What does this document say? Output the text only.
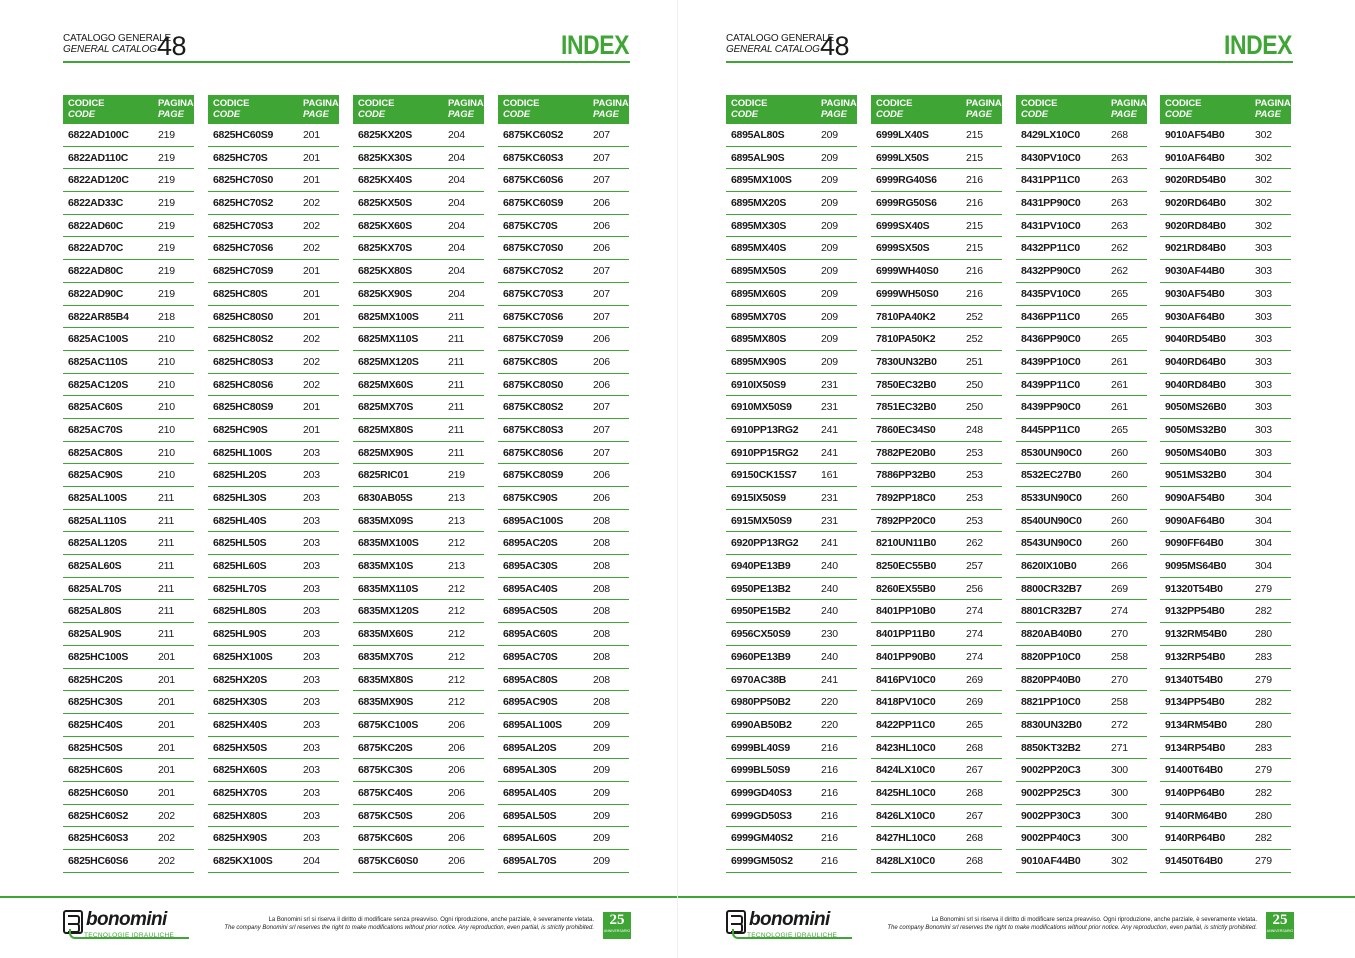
CATALOGO GENERALE
GENERAL CATALOG 48	INDEX
CODICE
CODE
PAGINA
PAGE
6822AD100C	219
6822AD110C	219
6822AD120C	219
6822AD33C	219
6822AD60C	219
6822AD70C	219
6822AD80C	219
6822AD90C	219
6822AR85B4	218
6825AC100S	210
6825AC110S	210
6825AC120S	210
6825AC60S	210
6825AC70S	210
6825AC80S	210
6825AC90S	210
6825AL100S	211
6825AL110S	211
6825AL120S	211
6825AL60S	211
6825AL70S	211
6825AL80S	211
6825AL90S	211
6825HC100S	201
6825HC20S	201
6825HC30S	201
6825HC40S	201
6825HC50S	201
6825HC60S	201
6825HC60S0	201
6825HC60S2	202
6825HC60S3	202
6825HC60S6	202
CODICE
CODE
PAGINA
PAGE
6825HC60S9	201
6825HC70S	201
6825HC70S0	201
6825HC70S2	202
6825HC70S3	202
6825HC70S6	202
6825HC70S9	201
6825HC80S	201
6825HC80S0	201
6825HC80S2	202
6825HC80S3	202
6825HC80S6	202
6825HC80S9	201
6825HC90S	201
6825HL100S	203
6825HL20S	203
6825HL30S	203
6825HL40S	203
6825HL50S	203
6825HL60S	203
6825HL70S	203
6825HL80S	203
6825HL90S	203
6825HX100S	203
6825HX20S	203
6825HX30S	203
6825HX40S	203
6825HX50S	203
6825HX60S	203
6825HX70S	203
6825HX80S	203
6825HX90S	203
6825KX100S	204
CODICE
CODE
PAGINA
PAGE
6825KX20S	204
6825KX30S	204
6825KX40S	204
6825KX50S	204
6825KX60S	204
6825KX70S	204
6825KX80S	204
6825KX90S	204
6825MX100S	211
6825MX110S	211
6825MX120S	211
6825MX60S	211
6825MX70S	211
6825MX80S	211
6825MX90S	211
6825RIC01	219
6830AB05S	213
6835MX09S	213
6835MX100S	212
6835MX10S	213
6835MX110S	212
6835MX120S	212
6835MX60S	212
6835MX70S	212
6835MX80S	212
6835MX90S	212
6875KC100S	206
6875KC20S	206
6875KC30S	206
6875KC40S	206
6875KC50S	206
6875KC60S	206
6875KC60S0	206
CODICE
CODE
PAGINA
PAGE
6875KC60S2	207
6875KC60S3	207
6875KC60S6	207
6875KC60S9	206
6875KC70S	206
6875KC70S0	206
6875KC70S2	207
6875KC70S3	207
6875KC70S6	207
6875KC70S9	206
6875KC80S	206
6875KC80S0	206
6875KC80S2	207
6875KC80S3	207
6875KC80S6	207
6875KC80S9	206
6875KC90S	206
6895AC100S	208
6895AC20S	208
6895AC30S	208
6895AC40S	208
6895AC50S	208
6895AC60S	208
6895AC70S	208
6895AC80S	208
6895AC90S	208
6895AL100S	209
6895AL20S	209
6895AL30S	209
6895AL40S	209
6895AL50S	209
6895AL60S	209
6895AL70S	209
bonomini
TECNOLOGIE IDRAULICHE
La Bonomini srl si riserva il diritto di modificare senza preavviso. Ogni riproduzione, anche parziale, è severamente vietata.
The company Bonomini srl reserves the right to make modifications without prior notice. Any reproduction, even partial, is strictly prohibited.	25
ANNIVERSARIO
CATALOGO GENERALE
GENERAL CATALOG 48	INDEX
CODICE
CODE
PAGINA
PAGE
6895AL80S	209
6895AL90S	209
6895MX100S	209
6895MX20S	209
6895MX30S	209
6895MX40S	209
6895MX50S	209
6895MX60S	209
6895MX70S	209
6895MX80S	209
6895MX90S	209
6910IX50S9	231
6910MX50S9	231
6910PP13RG2 241
6910PP15RG2 241
69150CK15S7 161
6915IX50S9	231
6915MX50S9	231
6920PP13RG2 241
6940PE13B9	240
6950PE13B2	240
6950PE15B2	240
6956CX50S9	230
6960PE13B9	240
6970AC38B	241
6980PP50B2	220
6990AB50B2	220
6999BL40S9	216
6999BL50S9	216
6999GD40S3	216
6999GD50S3	216
6999GM40S2	216
6999GM50S2	216
CODICE
CODE
PAGINA
PAGE
6999LX40S	215
6999LX50S	215
6999RG40S6	216
6999RG50S6	216
6999SX40S	215
6999SX50S	215
6999WH40S0	216
6999WH50S0	216
7810PA40K2	252
7810PA50K2	252
7830UN32B0	251
7850EC32B0	250
7851EC32B0	250
7860EC34S0	248
7882PE20B0	253
7886PP32B0	253
7892PP18C0	253
7892PP20C0	253
8210UN11B0	262
8250EC55B0	257
8260EX55B0	256
8401PP10B0	274
8401PP11B0	274
8401PP90B0	274
8416PV10C0	269
8418PV10C0	269
8422PP11C0	265
8423HL10C0	268
8424LX10C0	267
8425HL10C0	268
8426LX10C0	267
8427HL10C0	268
8428LX10C0	268
CODICE
CODE
PAGINA
PAGE
8429LX10C0	268
8430PV10C0	263
8431PP11C0	263
8431PP90C0	263
8431PV10C0	263
8432PP11C0	262
8432PP90C0	262
8435PV10C0	265
8436PP11C0	265
8436PP90C0	265
8439PP10C0	261
8439PP11C0	261
8439PP90C0	261
8445PP11C0	265
8530UN90C0	260
8532EC27B0	260
8533UN90C0	260
8540UN90C0	260
8543UN90C0	260
8620IX10B0	266
8800CR32B7	269
8801CR32B7	274
8820AB40B0	270
8820PP10C0	258
8820PP40B0	270
8821PP10C0	258
8830UN32B0	272
8850KT32B2	271
9002PP20C3	300
9002PP25C3	300
9002PP30C3	300
9002PP40C3	300
9010AF44B0	302
CODICE
CODE
PAGINA
PAGE
9010AF54B0	302
9010AF64B0	302
9020RD54B0	302
9020RD64B0	302
9020RD84B0	302
9021RD84B0	303
9030AF44B0	303
9030AF54B0	303
9030AF64B0	303
9040RD54B0	303
9040RD64B0	303
9040RD84B0	303
9050MS26B0	303
9050MS32B0	303
9050MS40B0	303
9051MS32B0	304
9090AF54B0	304
9090AF64B0	304
9090FF64B0	304
9095MS64B0	304
91320T54B0	279
9132PP54B0	282
9132RM54B0	280
9132RP54B0	283
91340T54B0	279
9134PP54B0	282
9134RM54B0	280
9134RP54B0	283
91400T64B0	279
9140PP64B0	282
9140RM64B0	280
9140RP64B0	282
91450T64B0	279
bonomini
TECNOLOGIE IDRAULICHE
La Bonomini srl si riserva il diritto di modificare senza preavviso. Ogni riproduzione, anche parziale, è severamente vietata.
The company Bonomini srl reserves the right to make modifications without prior notice. Any reproduction, even partial, is strictly prohibited.	25
ANNIVERSARIO
